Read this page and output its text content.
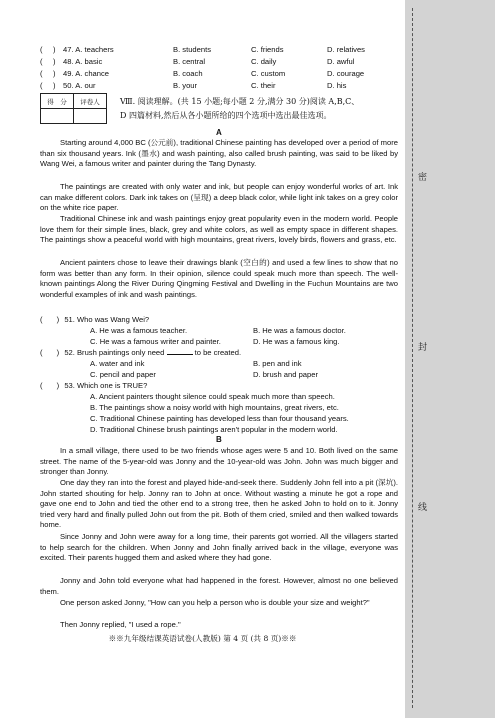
( ) 47. A. teachers	B. students	C. friends	D. relatives
( ) 48. A. basic	B. central	C. daily	D. awful
( ) 49. A. chance	B. coach	C. custom	D. courage
( ) 50. A. our	B. your	C. their	D. his
得　分	评卷人
		Ⅷ. 阅读理解。(共 15 小题;每小题 2 分,满分 30 分)阅读 A,B,C、
D 四篇材料,然后从各小题所给的四个选项中选出最佳选项。
A
Starting around 4,000 BC (公元前), traditional Chinese painting has developed over a period of more than six thousand years. Ink (墨水) and wash painting, also called brush painting, was said to be liked by Wang Wei, a famous writer and painter during the Tang Dynasty.
The paintings are created with only water and ink, but people can enjoy wonderful works of art. Ink can make different colors. Dark ink takes on (呈现) a deep black color, while light ink takes on a grey color on the white rice paper.
Traditional Chinese ink and wash paintings enjoy great popularity even in the modern world. People love them for their simple lines, black, grey and white colors, as well as empty space in different shapes. The paintings show a peaceful world with high mountains, great rivers, lovely birds, flowers and grass, etc.
Ancient painters chose to leave their drawings blank (空白的) and used a few lines to show that no form was better than any form. In their opinion, silence could speak much more than speech. The well-known paintings Along the River During Qingming Festival and Dwelling in the Fuchun Mountains are two wonderful examples of ink and wash paintings.
( ) 51. Who was Wang Wei?
A. He was a famous teacher.	B. He was a famous doctor.
C. He was a famous writer and painter.	D. He was a famous king.
( ) 52. Brush paintings only need	to be created.
A. water and ink	B. pen and ink
C. pencil and paper	D. brush and paper
( ) 53. Which one is TRUE?
A. Ancient painters thought silence could speak much more than speech.
B. The paintings show a noisy world with high mountains, great rivers, etc.
C. Traditional Chinese painting has developed less than four thousand years.
D. Traditional Chinese brush paintings aren't popular in the modern world.
B
In a small village, there used to be two friends whose ages were 5 and 10. Both lived on the same street. The name of the 5-year-old was Jonny and the 10-year-old was John. John was much bigger and stronger than Jonny.
One day they ran into the forest and played hide-and-seek there. Suddenly John fell into a pit (深坑). John started shouting for help. Jonny ran to John at once. Without wasting a minute he got a rope and gave one end to John and tied the other end to a strong tree, then he asked John to hold on to it. Jonny tried very hard and finally pulled John out from the pit. Both of them cried, smiled and then walked towards home.
Since Jonny and John were away for a long time, their parents got worried. All the villagers started to help search for the children. When Jonny and John finally arrived back in the village, everyone was excited. Their parents hugged them and asked where they had gone.
Jonny and John told everyone what had happened in the forest. However, almost no one believed them.
One person asked Jonny, "How can you help a person who is double your size and weight?"
Then Jonny replied, "I used a rope."
※※九年级结课英语试卷(人教版) 第 4 页 (共 8 页)※※
密
封
线
